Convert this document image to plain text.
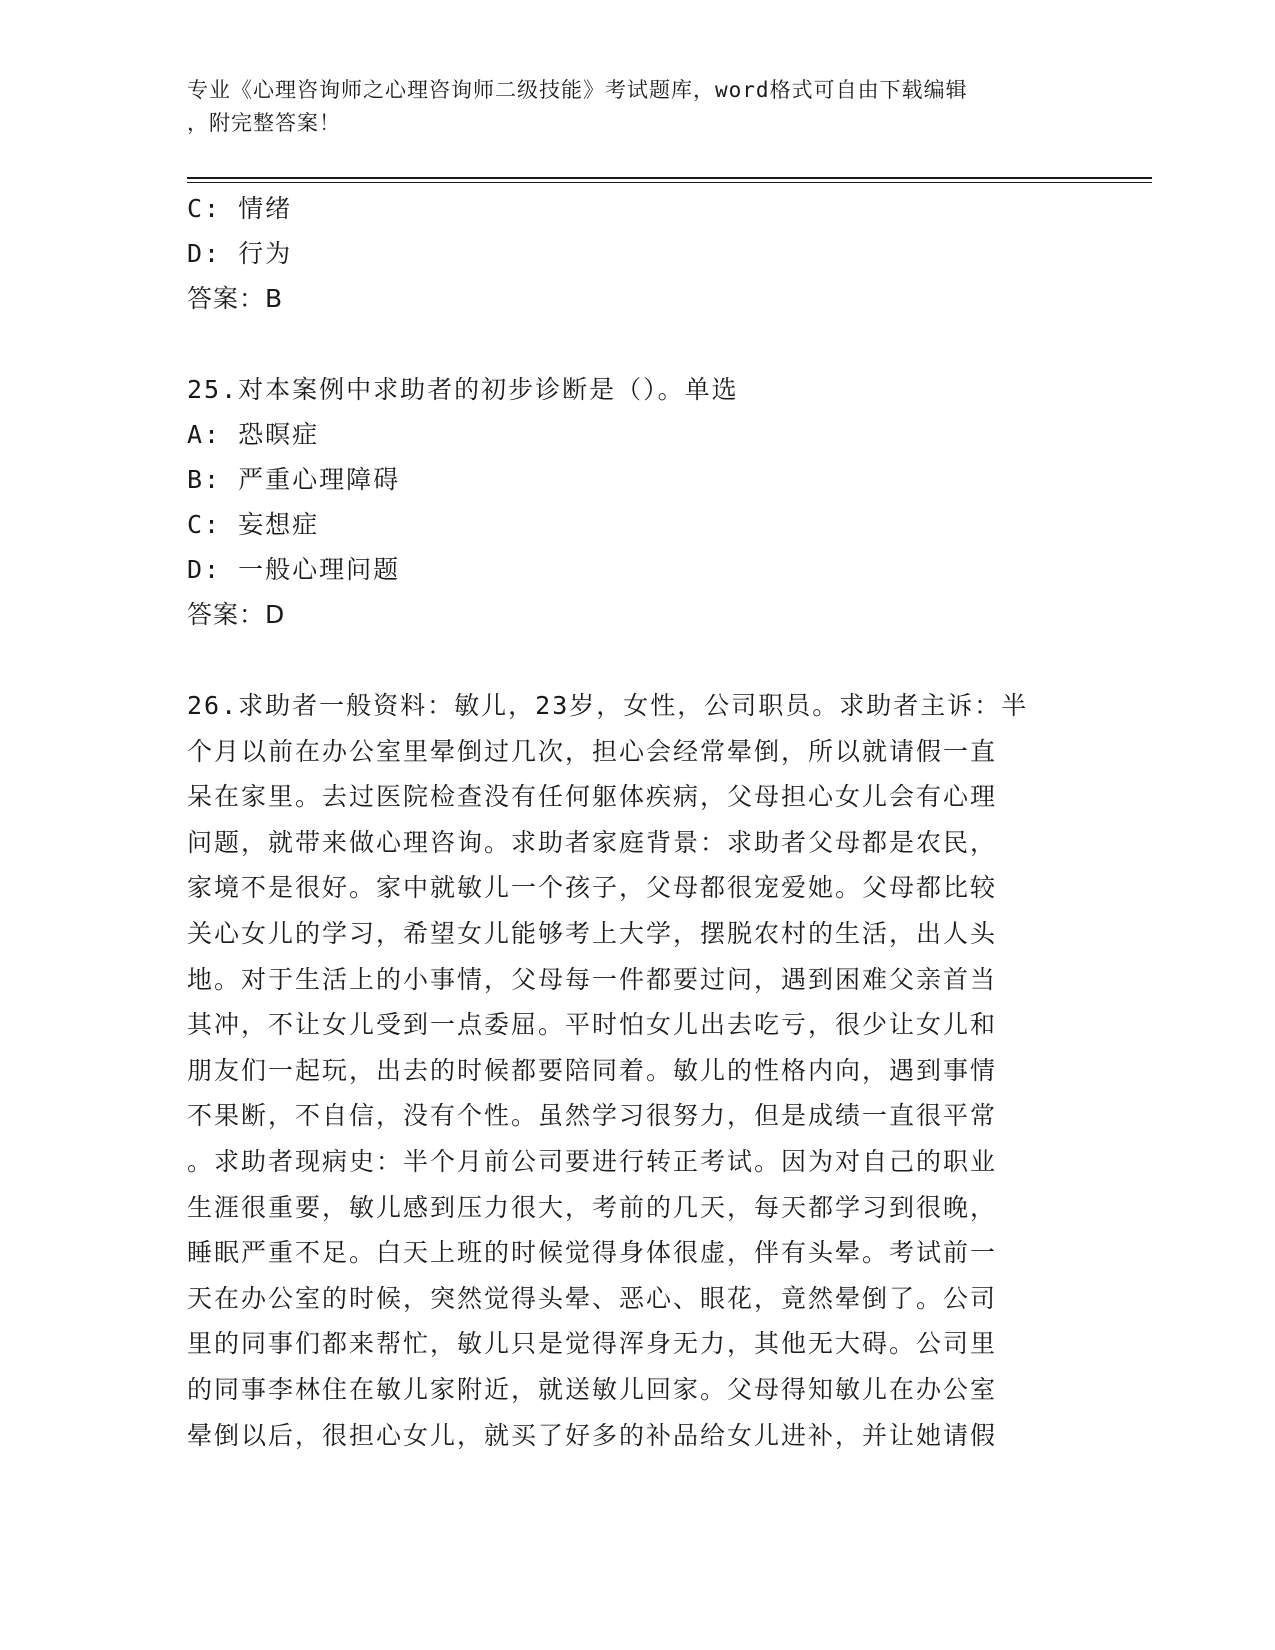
专业《心理咨询师之心理咨询师二级技能》考试题库，word格式可自由下载编辑
，附完整答案！
C: 情绪
D: 行为
答案：B
25.对本案例中求助者的初步诊断是（）。单选
A: 恐暝症
B: 严重心理障碍
C: 妄想症
D: 一般心理问题
答案：D
26.求助者一般资料：敏儿，23岁，女性，公司职员。求助者主诉：半
个月以前在办公室里晕倒过几次，担心会经常晕倒，所以就请假一直
呆在家里。去过医院检查没有任何躯体疾病，父母担心女儿会有心理
问题，就带来做心理咨询。求助者家庭背景：求助者父母都是农民，
家境不是很好。家中就敏儿一个孩子，父母都很宠爱她。父母都比较
关心女儿的学习，希望女儿能够考上大学，摆脱农村的生活，出人头
地。对于生活上的小事情，父母每一件都要过问，遇到困难父亲首当
其冲，不让女儿受到一点委屈。平时怕女儿出去吃亏，很少让女儿和
朋友们一起玩，出去的时候都要陪同着。敏儿的性格内向，遇到事情
不果断，不自信，没有个性。虽然学习很努力，但是成绩一直很平常
。求助者现病史：半个月前公司要进行转正考试。因为对自己的职业
生涯很重要，敏儿感到压力很大，考前的几天，每天都学习到很晚，
睡眠严重不足。白天上班的时候觉得身体很虚，伴有头晕。考试前一
天在办公室的时候，突然觉得头晕、恶心、眼花，竟然晕倒了。公司
里的同事们都来帮忙，敏儿只是觉得浑身无力，其他无大碍。公司里
的同事李林住在敏儿家附近，就送敏儿回家。父母得知敏儿在办公室
晕倒以后，很担心女儿，就买了好多的补品给女儿进补，并让她请假
